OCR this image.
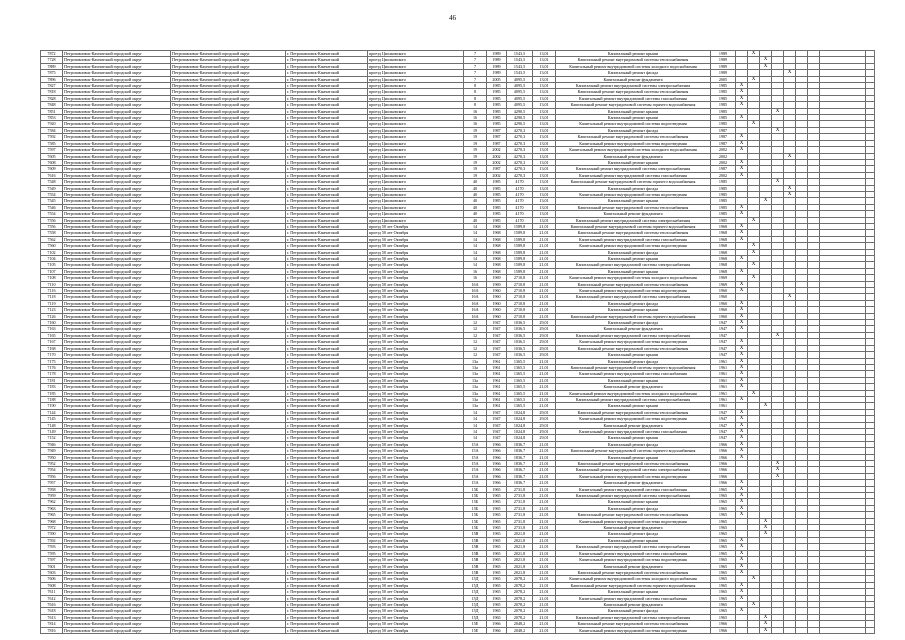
46
7872	Петропавловск-Камчатский городской округ	Петропавловск-Камчатский городской округ	г. Петропавловск-Камчатский	проезд Циолковского	7	1989	1543,5	13,01	Капитальный ремонт крыши	1989		X							
7728	Петропавловск-Камчатский городской округ	Петропавловск-Камчатский городской округ	г. Петропавловск-Камчатский	проезд Циолковского	7	1989	1543,5	13,01	Капитальный ремонт внутридомовой системы теплоснабжения	1989			X						
7889	Петропавловск-Камчатский городской округ	Петропавловск-Камчатский городской округ	г. Петропавловск-Камчатский	проезд Циолковского	7	1989	1543,5	13,01	Капитальный ремонт внутридомовой системы холодного водоснабжения	1989			X						
7875	Петропавловск-Камчатский городской округ	Петропавловск-Камчатский городской округ	г. Петропавловск-Камчатский	проезд Циолковского	7	1989	1543,5	13,01	Капитальный ремонт фасада	1989					X				
7896	Петропавловск-Камчатский городской округ	Петропавловск-Камчатский городской округ	г. Петропавловск-Камчатский	проезд Циолковского	7	2005	4095,5	13,01	Капитальный ремонт фундамента	2005		X							
7827	Петропавловск-Камчатский городской округ	Петропавловск-Камчатский городской округ	г. Петропавловск-Камчатский	проезд Циолковского	8	1985	4095,5	13,01	Капитальный ремонт внутридомовой системы электроснабжения	1985	X								
7818	Петропавловск-Камчатский городской округ	Петропавловск-Камчатский городской округ	г. Петропавловск-Камчатский	проезд Циолковского	8	1985	4095,5	13,01	Капитальный ремонт внутридомовой системы теплоснабжения	1985	X								
7828	Петропавловск-Камчатский городской округ	Петропавловск-Камчатский городской округ	г. Петропавловск-Камчатский	проезд Циолковского	8	1985	4095,5	13,01	Капитальный ремонт внутридомовой системы газоснабжения	1985	X								
7848	Петропавловск-Камчатский городской округ	Петропавловск-Камчатский городской округ	г. Петропавловск-Камчатский	проезд Циолковского	8	1985	4095,5	13,01	Капитальный ремонт внутридомовой системы горячего водоснабжения	1985	X								
7851	Петропавловск-Камчатский городской округ	Петропавловск-Камчатский городской округ	г. Петропавловск-Камчатский	проезд Циолковского	16	1985	4290,5	13,01	Капитальный ремонт крыши	1985				X					
7853	Петропавловск-Камчатский городской округ	Петропавловск-Камчатский городской округ	г. Петропавловск-Камчатский	проезд Циолковского	16	1985	4290,5	13,01	Капитальный ремонт крыши	1985	X								
7920	Петропавловск-Камчатский городской округ	Петропавловск-Камчатский городской округ	г. Петропавловск-Камчатский	проезд Циолковского	16	1985	4290,5	13,01	Капитальный ремонт внутридомовой системы водоотведения	1985		X							
7584	Петропавловск-Камчатский городской округ	Петропавловск-Камчатский городской округ	г. Петропавловск-Камчатский	проезд Циолковского	19	1987	4270,3	13,01	Капитальный ремонт фасада	1987				X					
7592	Петропавловск-Камчатский городской округ	Петропавловск-Камчатский городской округ	г. Петропавловск-Камчатский	проезд Циолковского	19	1987	4270,3	13,01	Капитальный ремонт внутридомовой системы теплоснабжения	1987	X								
7585	Петропавловск-Камчатский городской округ	Петропавловск-Камчатский городской округ	г. Петропавловск-Камчатский	проезд Циолковского	19	1987	4270,3	13,01	Капитальный ремонт внутридомовой системы водоотведения	1987	X								
7597	Петропавловск-Камчатский городской округ	Петропавловск-Камчатский городской округ	г. Петропавловск-Камчатский	проезд Циолковского	19	2002	4270,3	13,01	Капитальный ремонт внутридомовой системы холодного водоснабжения	2002	X								
7605	Петропавловск-Камчатский городской округ	Петропавловск-Камчатский городской округ	г. Петропавловск-Камчатский	проезд Циолковского	19	2002	4270,3	13,01	Капитальный ремонт фундамента	2002					X				
7608	Петропавловск-Камчатский городской округ	Петропавловск-Камчатский городской округ	г. Петропавловск-Камчатский	проезд Циолковского	19	2002	4270,3	13,01	Капитальный ремонт крыши	2002	X								
7609	Петропавловск-Камчатский городской округ	Петропавловск-Камчатский городской округ	г. Петропавловск-Камчатский	проезд Циолковского	19	1987	4270,3	13,01	Капитальный ремонт внутридомовой системы электроснабжения	1987	X								
7616	Петропавловск-Камчатский городской округ	Петропавловск-Камчатский городской округ	г. Петропавловск-Камчатский	проезд Циолковского	19	2002	4270,3	13,01	Капитальный ремонт внутридомовой системы газоснабжения	2002	X								
7548	Петропавловск-Камчатский городской округ	Петропавловск-Камчатский городской округ	г. Петропавловск-Камчатский	проезд Циолковского	40	1985	4170	13,01	Капитальный ремонт внутридомовой системы горячего водоснабжения	1985				X					
7549	Петропавловск-Камчатский городской округ	Петропавловск-Камчатский городской округ	г. Петропавловск-Камчатский	проезд Циолковского	40	1985	4170	13,01	Капитальный ремонт фасада	1985					X				
7554	Петропавловск-Камчатский городской округ	Петропавловск-Камчатский городской округ	г. Петропавловск-Камчатский	проезд Циолковского	40	1985	4170	13,01	Капитальный ремонт внутридомовой системы водоотведения	1985					X				
7545	Петропавловск-Камчатский городской округ	Петропавловск-Камчатский городской округ	г. Петропавловск-Камчатский	проезд Циолковского	40	1985	4170	13,01	Капитальный ремонт крыши	1985			X						
7546	Петропавловск-Камчатский городской округ	Петропавловск-Камчатский городской округ	г. Петропавловск-Камчатский	проезд Циолковского	40	1985	4170	13,01	Капитальный ремонт внутридомовой системы теплоснабжения	1985	X								
7554	Петропавловск-Камчатский городской округ	Петропавловск-Камчатский городской округ	г. Петропавловск-Камчатский	проезд Циолковского	40	1985	4170	13,01	Капитальный ремонт фундамента	1985	X								
7556	Петропавловск-Камчатский городской округ	Петропавловск-Камчатский городской округ	г. Петропавловск-Камчатский	проезд Циолковского	40	1985	4170	13,01	Капитальный ремонт внутридомовой системы электроснабжения	1985		X							
7556	Петропавловск-Камчатский городской округ	Петропавловск-Камчатский городской округ	г. Петропавловск-Камчатский	проезд 50 лет Октября	14	1968	1589,8	21,01	Капитальный ремонт внутридомовой системы горячего водоснабжения	1968	X								
7558	Петропавловск-Камчатский городской округ	Петропавловск-Камчатский городской округ	г. Петропавловск-Камчатский	проезд 50 лет Октября	14	1968	1589,8	21,01	Капитальный ремонт внутридомовой системы теплоснабжения	1968	X								
7562	Петропавловск-Камчатский городской округ	Петропавловск-Камчатский городской округ	г. Петропавловск-Камчатский	проезд 50 лет Октября	14	1968	1589,8	21,01	Капитальный ремонт внутридомовой системы газоснабжения	1968	X								
7560	Петропавловск-Камчатский городской округ	Петропавловск-Камчатский городской округ	г. Петропавловск-Камчатский	проезд 50 лет Октября	14	1968	1589,8	21,01	Капитальный ремонт внутридомовой системы водоотведения	1968		X							
7102	Петропавловск-Камчатский городской округ	Петропавловск-Камчатский городской округ	г. Петропавловск-Камчатский	проезд 50 лет Октября	14	1968	1589,8	21,01	Капитальный ремонт фасада	1968		X							
7104	Петропавловск-Камчатский городской округ	Петропавловск-Камчатский городской округ	г. Петропавловск-Камчатский	проезд 50 лет Октября	14	1968	1589,8	21,01	Капитальный ремонт крыши	1968	X								
7105	Петропавловск-Камчатский городской округ	Петропавловск-Камчатский городской округ	г. Петропавловск-Камчатский	проезд 50 лет Октября	14	1968	1589,8	21,01	Капитальный ремонт внутридомовой системы электроснабжения	1968		X							
7107	Петропавловск-Камчатский городской округ	Петропавловск-Камчатский городской округ	г. Петропавловск-Камчатский	проезд 50 лет Октября	16	1968	1589,8	21,01	Капитальный ремонт крыши	1968	X								
7108	Петропавловск-Камчатский городской округ	Петропавловск-Камчатский городской округ	г. Петропавловск-Камчатский	проезд 50 лет Октября	16	1969	2710,8	21,01	Капитальный ремонт внутридомовой системы холодного водоснабжения	1969		X							
7110	Петропавловск-Камчатский городской округ	Петропавловск-Камчатский городской округ	г. Петропавловск-Камчатский	проезд 50 лет Октября	16А	1969	2710,8	21,01	Капитальный ремонт внутридомовой системы теплоснабжения	1969	X								
7116	Петропавловск-Камчатский городской округ	Петропавловск-Камчатский городской округ	г. Петропавловск-Камчатский	проезд 50 лет Октября	16А	1960	2710,8	21,01	Капитальный ремонт внутридомовой системы водоотведения	1960	X								
7118	Петропавловск-Камчатский городской округ	Петропавловск-Камчатский городской округ	г. Петропавловск-Камчатский	проезд 50 лет Октября	16А	1960	2710,8	21,01	Капитальный ремонт внутридомовой системы электроснабжения	1960					X				
7119	Петропавловск-Камчатский городской округ	Петропавловск-Камчатский городской округ	г. Петропавловск-Камчатский	проезд 50 лет Октября	16А	1960	2710,8	21,01	Капитальный ремонт фасада	1960	X								
7123	Петропавловск-Камчатский городской округ	Петропавловск-Камчатский городской округ	г. Петропавловск-Камчатский	проезд 50 лет Октября	16А	1960	2710,8	21,01	Капитальный ремонт крыши	1960	X								
7126	Петропавловск-Камчатский городской округ	Петропавловск-Камчатский городской округ	г. Петропавловск-Камчатский	проезд 50 лет Октября	16А	1960	2710,8	21,01	Капитальный ремонт внутридомовой системы горячего водоснабжения	1960	X								
7160	Петропавловск-Камчатский городской округ	Петропавловск-Камчатский городской округ	г. Петропавловск-Камчатский	проезд 50 лет Октября	12	1947	1036,5	29,01	Капитальный ремонт фасада	1947	X								
7163	Петропавловск-Камчатский городской округ	Петропавловск-Камчатский городской округ	г. Петропавловск-Камчатский	проезд 50 лет Октября	12	1947	1036,5	29,01	Капитальный ремонт фундамента	1947	X								
7165	Петропавловск-Камчатский городской округ	Петропавловск-Камчатский городской округ	г. Петропавловск-Камчатский	проезд 50 лет Октября	12	1947	1036,5	29,01	Капитальный ремонт внутридомовой системы электроснабжения	1947				X					
7167	Петропавловск-Камчатский городской округ	Петропавловск-Камчатский городской округ	г. Петропавловск-Камчатский	проезд 50 лет Октября	12	1947	1036,5	29,01	Капитальный ремонт внутридомовой системы водоотведения	1947	X								
7168	Петропавловск-Камчатский городской округ	Петропавловск-Камчатский городской округ	г. Петропавловск-Камчатский	проезд 50 лет Октября	12	1947	1036,5	29,01	Капитальный ремонт внутридомовой системы теплоснабжения	1947	X								
7170	Петропавловск-Камчатский городской округ	Петропавловск-Камчатский городской округ	г. Петропавловск-Камчатский	проезд 50 лет Октября	12	1947	1036,5	29,01	Капитальный ремонт крыши	1947	X								
7175	Петропавловск-Камчатский городской округ	Петропавловск-Камчатский городской округ	г. Петропавловск-Камчатский	проезд 50 лет Октября	13а	1961	1365,5	21,01	Капитальный ремонт фасада	1961	X								
7176	Петропавловск-Камчатский городской округ	Петропавловск-Камчатский городской округ	г. Петропавловск-Камчатский	проезд 50 лет Октября	13а	1961	1365,5	21,01	Капитальный ремонт внутридомовой системы горячего водоснабжения	1961	X								
7178	Петропавловск-Камчатский городской округ	Петропавловск-Камчатский городской округ	г. Петропавловск-Камчатский	проезд 50 лет Октября	13а	1961	1365,5	21,01	Капитальный ремонт внутридомовой системы газоснабжения	1961	X								
7181	Петропавловск-Камчатский городской округ	Петропавловск-Камчатский городской округ	г. Петропавловск-Камчатский	проезд 50 лет Октября	13а	1961	1365,5	21,01	Капитальный ремонт крыши	1961	X								
7183	Петропавловск-Камчатский городской округ	Петропавловск-Камчатский городской округ	г. Петропавловск-Камчатский	проезд 50 лет Октября	13а	1961	1365,5	21,01	Капитальный ремонт фундамента	1961	X								
7185	Петропавловск-Камчатский городской округ	Петропавловск-Камчатский городской округ	г. Петропавловск-Камчатский	проезд 50 лет Октября	13а	1961	1365,5	21,01	Капитальный ремонт внутридомовой системы холодного водоснабжения	1961		X							
7188	Петропавловск-Камчатский городской округ	Петропавловск-Камчатский городской округ	г. Петропавловск-Камчатский	проезд 50 лет Октября	13а	1961	1365,5	21,01	Капитальный ремонт внутридомовой системы электроснабжения	1961	X								
7190	Петропавловск-Камчатский городской округ	Петропавловск-Камчатский городской округ	г. Петропавловск-Камчатский	проезд 50 лет Октября	13а	1961	1365,5	21,01	Капитальный ремонт крыши	1961			X						
7144	Петропавловск-Камчатский городской округ	Петропавловск-Камчатский городской округ	г. Петропавловск-Камчатский	проезд 50 лет Октября	14	1947	1024,8	29,01	Капитальный ремонт внутридомовой системы теплоснабжения	1947	X								
7145	Петропавловск-Камчатский городской округ	Петропавловск-Камчатский городской округ	г. Петропавловск-Камчатский	проезд 50 лет Октября	14	1947	1024,8	29,01	Капитальный ремонт внутридомовой системы водоотведения	1947	X								
7148	Петропавловск-Камчатский городской округ	Петропавловск-Камчатский городской округ	г. Петропавловск-Камчатский	проезд 50 лет Октября	14	1947	1024,8	29,01	Капитальный ремонт фундамента	1947	X								
7149	Петропавловск-Камчатский городской округ	Петропавловск-Камчатский городской округ	г. Петропавловск-Камчатский	проезд 50 лет Октября	14	1947	1024,8	29,01	Капитальный ремонт внутридомовой системы газоснабжения	1947	X								
7152	Петропавловск-Камчатский городской округ	Петропавловск-Камчатский городской округ	г. Петропавловск-Камчатский	проезд 50 лет Октября	14	1947	1024,8	29,01	Капитальный ремонт крыши	1947	X								
7946	Петропавловск-Камчатский городской округ	Петропавловск-Камчатский городской округ	г. Петропавловск-Камчатский	проезд 50 лет Октября	15А	1966	1836,7	21,01	Капитальный ремонт фасада	1966	X								
7949	Петропавловск-Камчатский городской округ	Петропавловск-Камчатский городской округ	г. Петропавловск-Камчатский	проезд 50 лет Октября	15А	1966	1836,7	21,01	Капитальный ремонт внутридомовой системы горячего водоснабжения	1966	X								
7950	Петропавловск-Камчатский городской округ	Петропавловск-Камчатский городской округ	г. Петропавловск-Камчатский	проезд 50 лет Октября	15А	1966	1836,7	21,01	Капитальный ремонт крыши	1966	X								
7952	Петропавловск-Камчатский городской округ	Петропавловск-Камчатский городской округ	г. Петропавловск-Камчатский	проезд 50 лет Октября	15А	1966	1836,7	21,01	Капитальный ремонт внутридомовой системы теплоснабжения	1966				X					
7954	Петропавловск-Камчатский городской округ	Петропавловск-Камчатский городской округ	г. Петропавловск-Камчатский	проезд 50 лет Октября	15А	1966	1836,7	21,01	Капитальный ремонт внутридомовой системы электроснабжения	1966				X					
7956	Петропавловск-Камчатский городской округ	Петропавловск-Камчатский городской округ	г. Петропавловск-Камчатский	проезд 50 лет Октября	15А	1966	1836,7	21,01	Капитальный ремонт внутридомовой системы водоотведения	1966				X					
7957	Петропавловск-Камчатский городской округ	Петропавловск-Камчатский городской округ	г. Петропавловск-Камчатский	проезд 50 лет Октября	15А	1966	1836,7	21,01	Капитальный ремонт фундамента	1966	X								
7958	Петропавловск-Камчатский городской округ	Петропавловск-Камчатский городской округ	г. Петропавловск-Камчатский	проезд 50 лет Октября	15Б	1965	2731,8	21,01	Капитальный ремонт внутридомовой системы газоснабжения	1965	X								
7959	Петропавловск-Камчатский городской округ	Петропавловск-Камчатский городской округ	г. Петропавловск-Камчатский	проезд 50 лет Октября	15Б	1965	2731,8	21,01	Капитальный ремонт внутридомовой системы электроснабжения	1965	X								
7962	Петропавловск-Камчатский городской округ	Петропавловск-Камчатский городской округ	г. Петропавловск-Камчатский	проезд 50 лет Октября	15Б	1965	2731,8	21,01	Капитальный ремонт крыши	1965	X								
7963	Петропавловск-Камчатский городской округ	Петропавловск-Камчатский городской округ	г. Петропавловск-Камчатский	проезд 50 лет Октября	15Б	1965	2731,8	21,01	Капитальный ремонт фасада	1965	X								
7965	Петропавловск-Камчатский городской округ	Петропавловск-Камчатский городской округ	г. Петропавловск-Камчатский	проезд 50 лет Октября	15Б	1965	2731,8	21,01	Капитальный ремонт внутридомовой системы теплоснабжения	1965	X								
7968	Петропавловск-Камчатский городской округ	Петропавловск-Камчатский городской округ	г. Петропавловск-Камчатский	проезд 50 лет Октября	15Б	1965	2731,8	21,01	Капитальный ремонт внутридомовой системы водоотведения	1965			X						
7972	Петропавловск-Камчатский городской округ	Петропавловск-Камчатский городской округ	г. Петропавловск-Камчатский	проезд 50 лет Октября	15Б	1965	2731,8	21,01	Капитальный ремонт фундамента	1965			X						
7590	Петропавловск-Камчатский городской округ	Петропавловск-Камчатский городской округ	г. Петропавловск-Камчатский	проезд 50 лет Октября	15В	1965	2021,8	21,01	Капитальный ремонт фасада	1965			X						
7592	Петропавловск-Камчатский городской округ	Петропавловск-Камчатский городской округ	г. Петропавловск-Камчатский	проезд 50 лет Октября	15В	1965	2021,8	21,01	Капитальный ремонт крыши	1965	X								
7593	Петропавловск-Камчатский городской округ	Петропавловск-Камчатский городской округ	г. Петропавловск-Камчатский	проезд 50 лет Октября	15В	1965	2021,8	21,01	Капитальный ремонт внутридомовой системы электроснабжения	1965	X								
7595	Петропавловск-Камчатский городской округ	Петропавловск-Камчатский городской округ	г. Петропавловск-Камчатский	проезд 50 лет Октября	15В	1965	2021,8	21,01	Капитальный ремонт внутридомовой системы газоснабжения	1965	X								
7597	Петропавловск-Камчатский городской округ	Петропавловск-Камчатский городской округ	г. Петропавловск-Камчатский	проезд 50 лет Октября	15В	1965	2021,8	21,01	Капитальный ремонт внутридомовой системы водоотведения	1965	X								
7601	Петропавловск-Камчатский городской округ	Петропавловск-Камчатский городской округ	г. Петропавловск-Камчатский	проезд 50 лет Октября	15В	1965	2021,8	21,01	Капитальный ремонт фундамента	1965	X								
7603	Петропавловск-Камчатский городской округ	Петропавловск-Камчатский городской округ	г. Петропавловск-Камчатский	проезд 50 лет Октября	15В	1965	2021,8	21,01	Капитальный ремонт внутридомовой системы теплоснабжения	1965	X								
7606	Петропавловск-Камчатский городской округ	Петропавловск-Камчатский городской округ	г. Петропавловск-Камчатский	проезд 50 лет Октября	15Д	1965	2078,2	21,01	Капитальный ремонт внутридомовой системы холодного водоснабжения	1965		X							
7608	Петропавловск-Камчатский городской округ	Петропавловск-Камчатский городской округ	г. Петропавловск-Камчатский	проезд 50 лет Октября	15Д	1965	2078,2	21,01	Капитальный ремонт внутридомовой системы горячего водоснабжения	1965	X								
7611	Петропавловск-Камчатский городской округ	Петропавловск-Камчатский городской округ	г. Петропавловск-Камчатский	проезд 50 лет Октября	15Д	1965	2078,2	21,01	Капитальный ремонт крыши	1965	X								
7612	Петропавловск-Камчатский городской округ	Петропавловск-Камчатский городской округ	г. Петропавловск-Камчатский	проезд 50 лет Октября	15Д	1965	2078,2	21,01	Капитальный ремонт внутридомовой системы газоснабжения	1965	X								
7616	Петропавловск-Камчатский городской округ	Петропавловск-Камчатский городской округ	г. Петропавловск-Камчатский	проезд 50 лет Октября	15Д	1965	2078,2	21,01	Капитальный ремонт фундамента	1965		X							
7618	Петропавловск-Камчатский городской округ	Петропавловск-Камчатский городской округ	г. Петропавловск-Камчатский	проезд 50 лет Октября	15Д	1965	2078,2	21,01	Капитальный ремонт фасада	1965	X								
7613	Петропавловск-Камчатский городской округ	Петропавловск-Камчатский городской округ	г. Петропавловск-Камчатский	проезд 50 лет Октября	15Д	1965	2078,2	21,01	Капитальный ремонт внутридомовой системы электроснабжения	1965			X						
7814	Петропавловск-Камчатский городской округ	Петропавловск-Камчатский городской округ	г. Петропавловск-Камчатский	проезд 50 лет Октября	15Е	1966	2048,2	21,01	Капитальный ремонт внутридомовой системы теплоснабжения	1966			X						
7816	Петропавловск-Камчатский городской округ	Петропавловск-Камчатский городской округ	г. Петропавловск-Камчатский	проезд 50 лет Октября	15Е	1966	2048,2	21,01	Капитальный ремонт внутридомовой системы водоотведения	1966			X						
